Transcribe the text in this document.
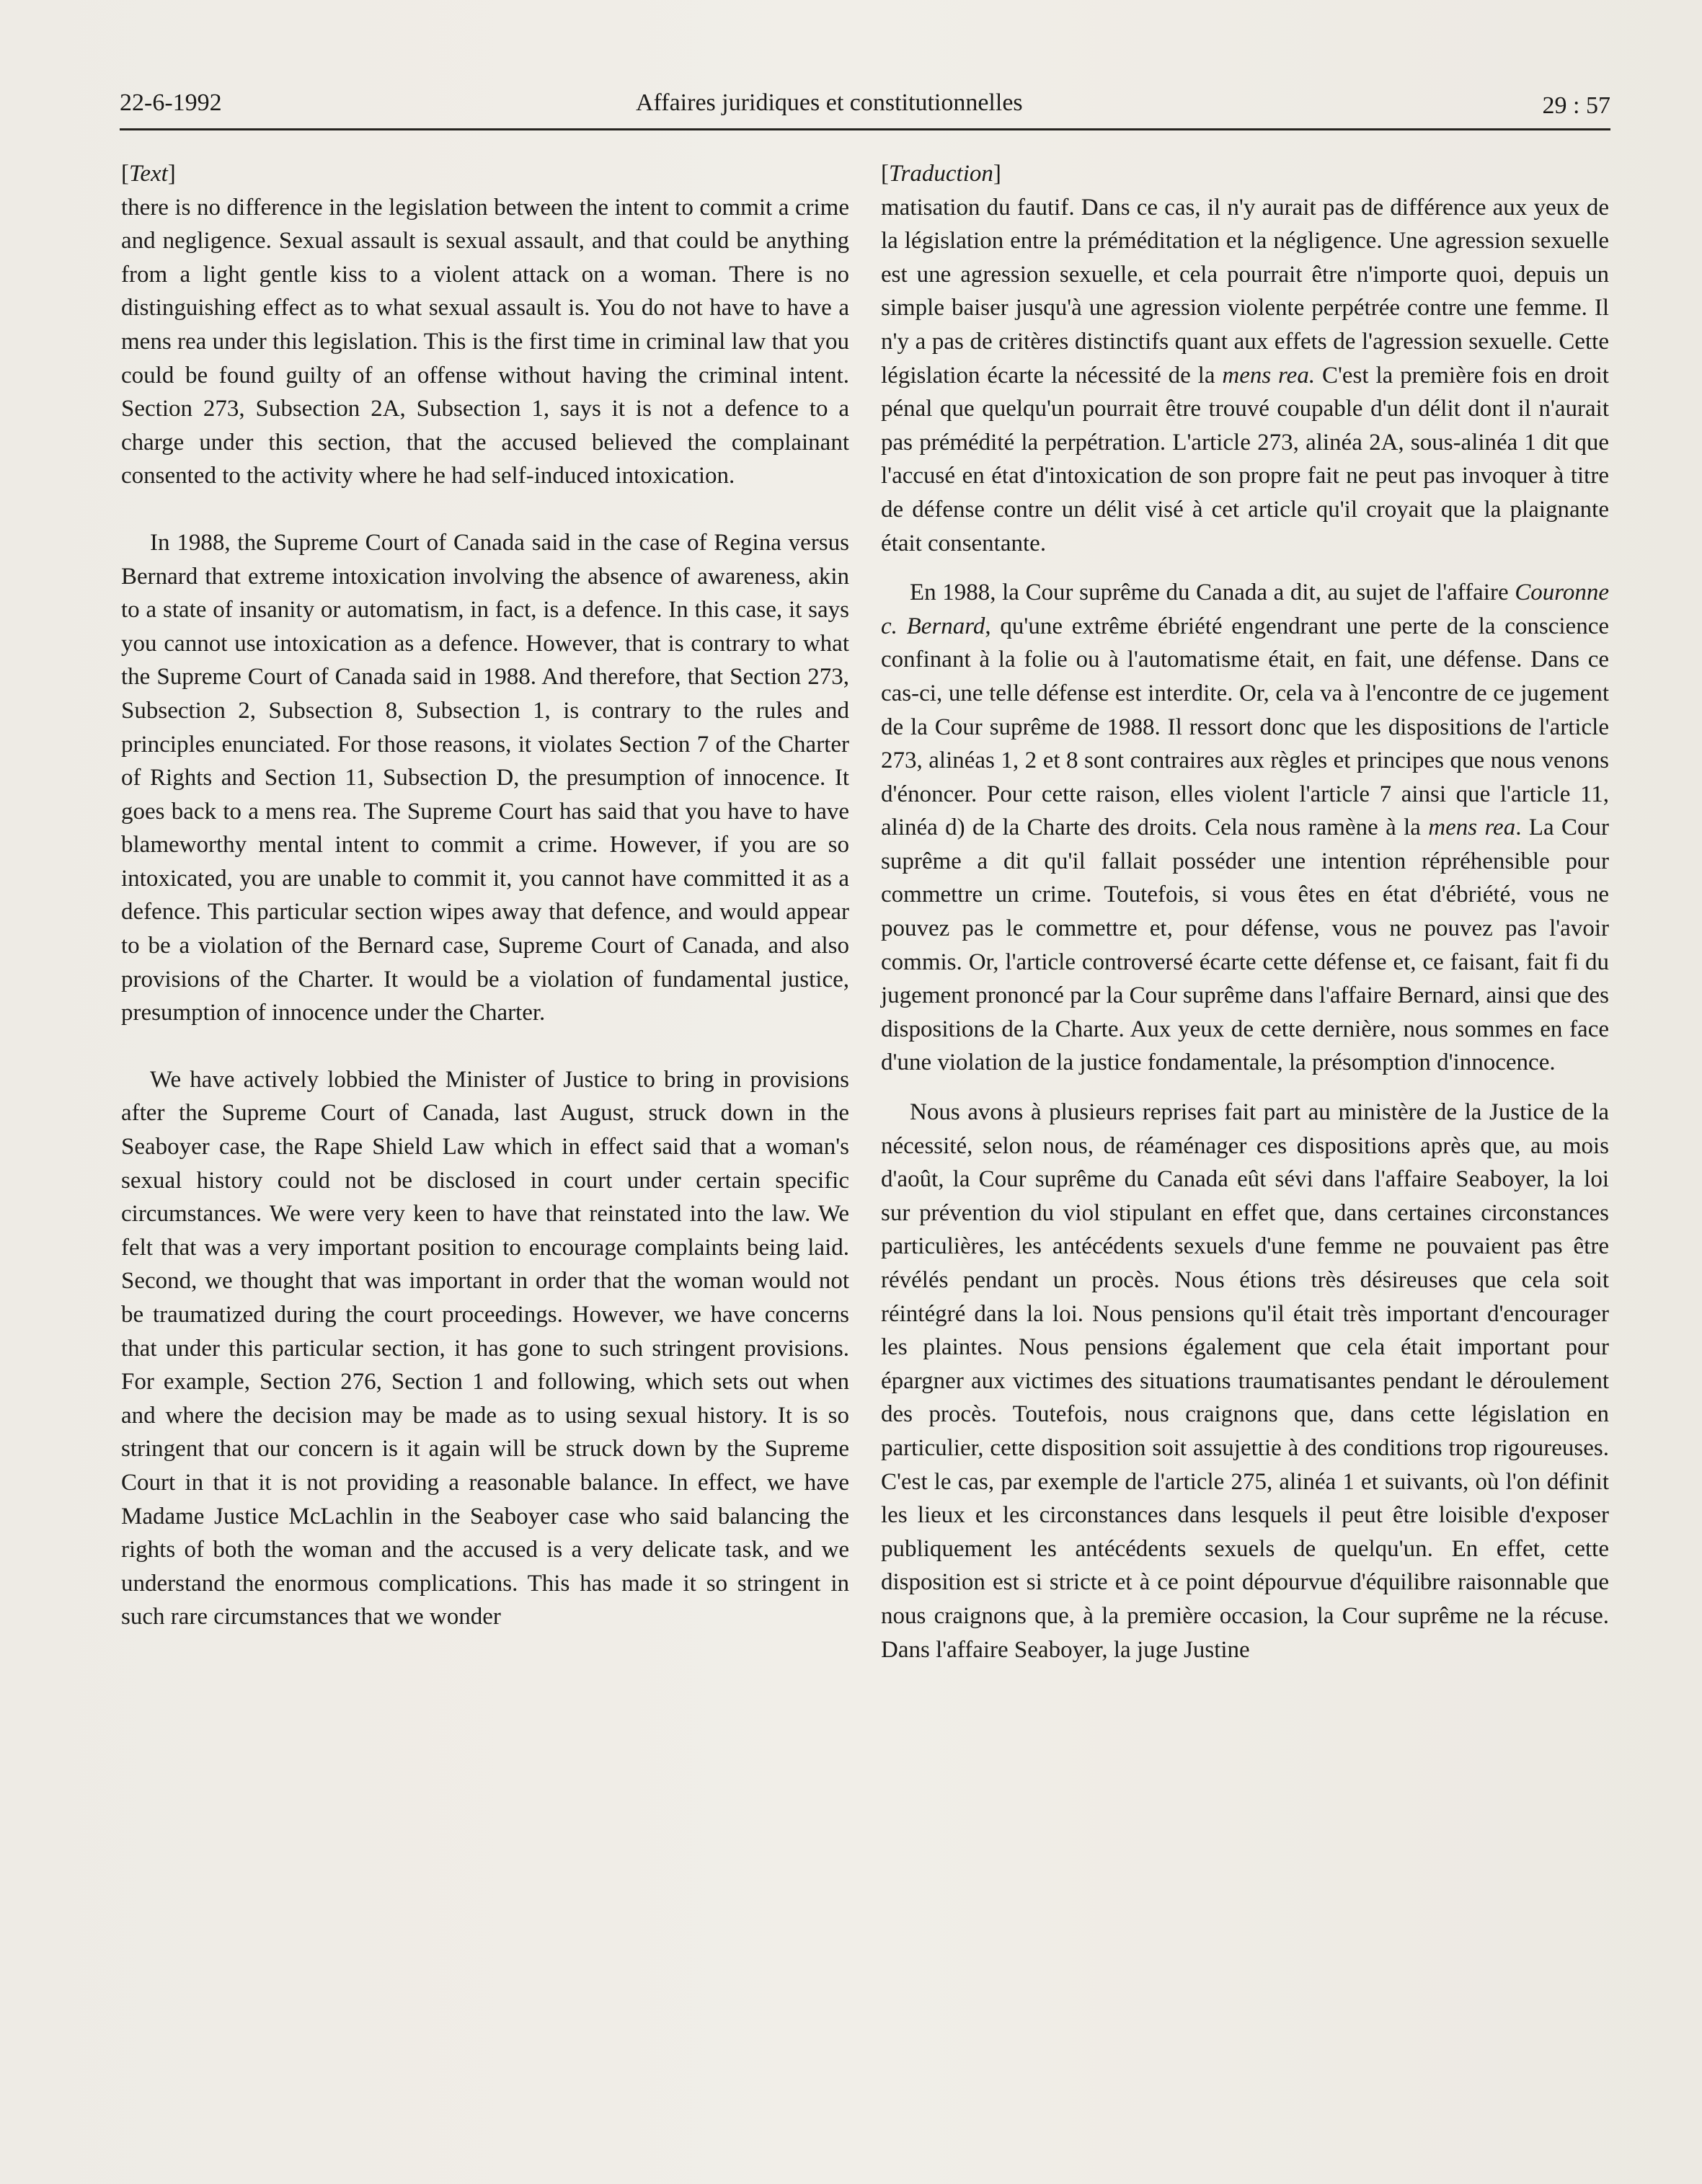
22-6-1992	Affaires juridiques et constitutionnelles	29 : 57

[Text]

there is no difference in the legislation between the intent to commit a crime and negligence. Sexual assault is sexual assault, and that could be anything from a light gentle kiss to a violent attack on a woman. There is no distinguishing effect as to what sexual assault is. You do not have to have a mens rea under this legislation. This is the first time in criminal law that you could be found guilty of an offense without having the criminal intent. Section 273, Subsection 2A, Subsection 1, says it is not a defence to a charge under this section, that the accused believed the complainant consented to the activity where he had self-induced intoxication.

In 1988, the Supreme Court of Canada said in the case of Regina versus Bernard that extreme intoxication involving the absence of awareness, akin to a state of insanity or automatism, in fact, is a defence. In this case, it says you cannot use intoxication as a defence. However, that is contrary to what the Supreme Court of Canada said in 1988. And therefore, that Section 273, Subsection 2, Subsection 8, Subsection 1, is contrary to the rules and principles enunciated. For those reasons, it violates Section 7 of the Charter of Rights and Section 11, Subsection D, the presumption of innocence. It goes back to a mens rea. The Supreme Court has said that you have to have blameworthy mental intent to commit a crime. However, if you are so intoxicated, you are unable to commit it, you cannot have committed it as a defence. This particular section wipes away that defence, and would appear to be a violation of the Bernard case, Supreme Court of Canada, and also provisions of the Charter. It would be a violation of fundamental justice, presumption of innocence under the Charter.

We have actively lobbied the Minister of Justice to bring in provisions after the Supreme Court of Canada, last August, struck down in the Seaboyer case, the Rape Shield Law which in effect said that a woman's sexual history could not be disclosed in court under certain specific circumstances. We were very keen to have that reinstated into the law. We felt that was a very important position to encourage complaints being laid. Second, we thought that was important in order that the woman would not be traumatized during the court proceedings. However, we have concerns that under this particular section, it has gone to such stringent provisions. For example, Section 276, Section 1 and following, which sets out when and where the decision may be made as to using sexual history. It is so stringent that our concern is it again will be struck down by the Supreme Court in that it is not providing a reasonable balance. In effect, we have Madame Justice McLachlin in the Seaboyer case who said balancing the rights of both the woman and the accused is a very delicate task, and we understand the enormous complications. This has made it so stringent in such rare circumstances that we wonder

[Traduction]

matisation du fautif. Dans ce cas, il n'y aurait pas de différence aux yeux de la législation entre la préméditation et la négligence. Une agression sexuelle est une agression sexuelle, et cela pourrait être n'importe quoi, depuis un simple baiser jusqu'à une agression violente perpétrée contre une femme. Il n'y a pas de critères distinctifs quant aux effets de l'agression sexuelle. Cette législation écarte la nécessité de la mens rea. C'est la première fois en droit pénal que quelqu'un pourrait être trouvé coupable d'un délit dont il n'aurait pas prémédité la perpétration. L'article 273, alinéa 2A, sous-alinéa 1 dit que l'accusé en état d'intoxication de son propre fait ne peut pas invoquer à titre de défense contre un délit visé à cet article qu'il croyait que la plaignante était consentante.

En 1988, la Cour suprême du Canada a dit, au sujet de l'affaire Couronne c. Bernard, qu'une extrême ébriété engendrant une perte de la conscience confinant à la folie ou à l'automatisme était, en fait, une défense. Dans ce cas-ci, une telle défense est interdite. Or, cela va à l'encontre de ce jugement de la Cour suprême de 1988. Il ressort donc que les dispositions de l'article 273, alinéas 1, 2 et 8 sont contraires aux règles et principes que nous venons d'énoncer. Pour cette raison, elles violent l'article 7 ainsi que l'article 11, alinéa d) de la Charte des droits. Cela nous ramène à la mens rea. La Cour suprême a dit qu'il fallait posséder une intention répréhensible pour commettre un crime. Toutefois, si vous êtes en état d'ébriété, vous ne pouvez pas le commettre et, pour défense, vous ne pouvez pas l'avoir commis. Or, l'article controversé écarte cette défense et, ce faisant, fait fi du jugement prononcé par la Cour suprême dans l'affaire Bernard, ainsi que des dispositions de la Charte. Aux yeux de cette dernière, nous sommes en face d'une violation de la justice fondamentale, la présomption d'innocence.

Nous avons à plusieurs reprises fait part au ministère de la Justice de la nécessité, selon nous, de réaménager ces dispositions après que, au mois d'août, la Cour suprême du Canada eût sévi dans l'affaire Seaboyer, la loi sur prévention du viol stipulant en effet que, dans certaines circonstances particulières, les antécédents sexuels d'une femme ne pouvaient pas être révélés pendant un procès. Nous étions très désireuses que cela soit réintégré dans la loi. Nous pensions qu'il était très important d'encourager les plaintes. Nous pensions également que cela était important pour épargner aux victimes des situations traumatisantes pendant le déroulement des procès. Toutefois, nous craignons que, dans cette législation en particulier, cette disposition soit assujettie à des conditions trop rigoureuses. C'est le cas, par exemple de l'article 275, alinéa 1 et suivants, où l'on définit les lieux et les circonstances dans lesquels il peut être loisible d'exposer publiquement les antécédents sexuels de quelqu'un. En effet, cette disposition est si stricte et à ce point dépourvue d'équilibre raisonnable que nous craignons que, à la première occasion, la Cour suprême ne la récuse. Dans l'affaire Seaboyer, la juge Justine
